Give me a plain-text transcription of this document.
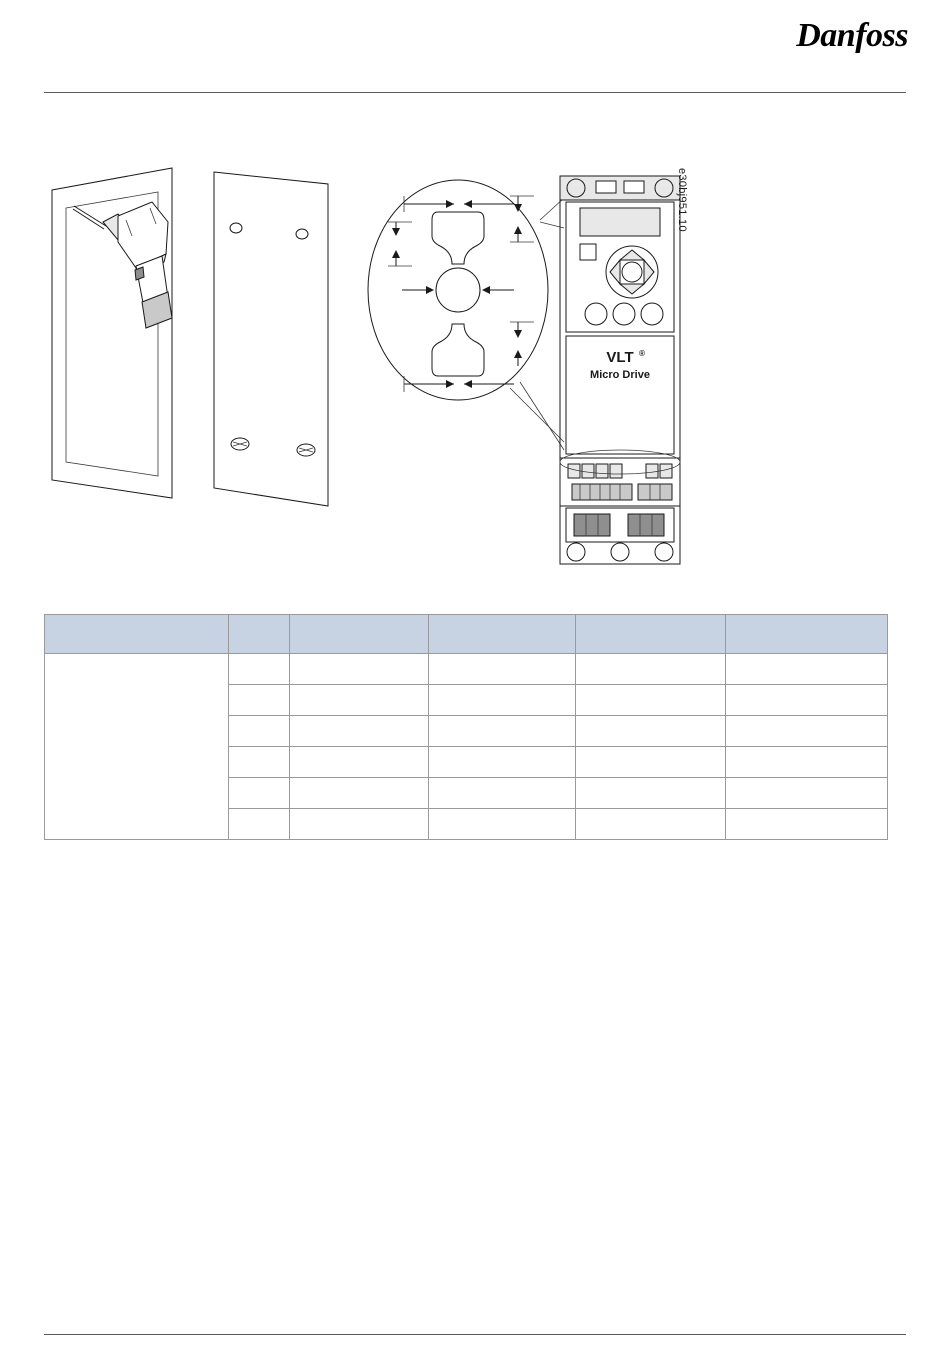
Danfoss
VLT ®
Micro Drive
e30bj951.10
